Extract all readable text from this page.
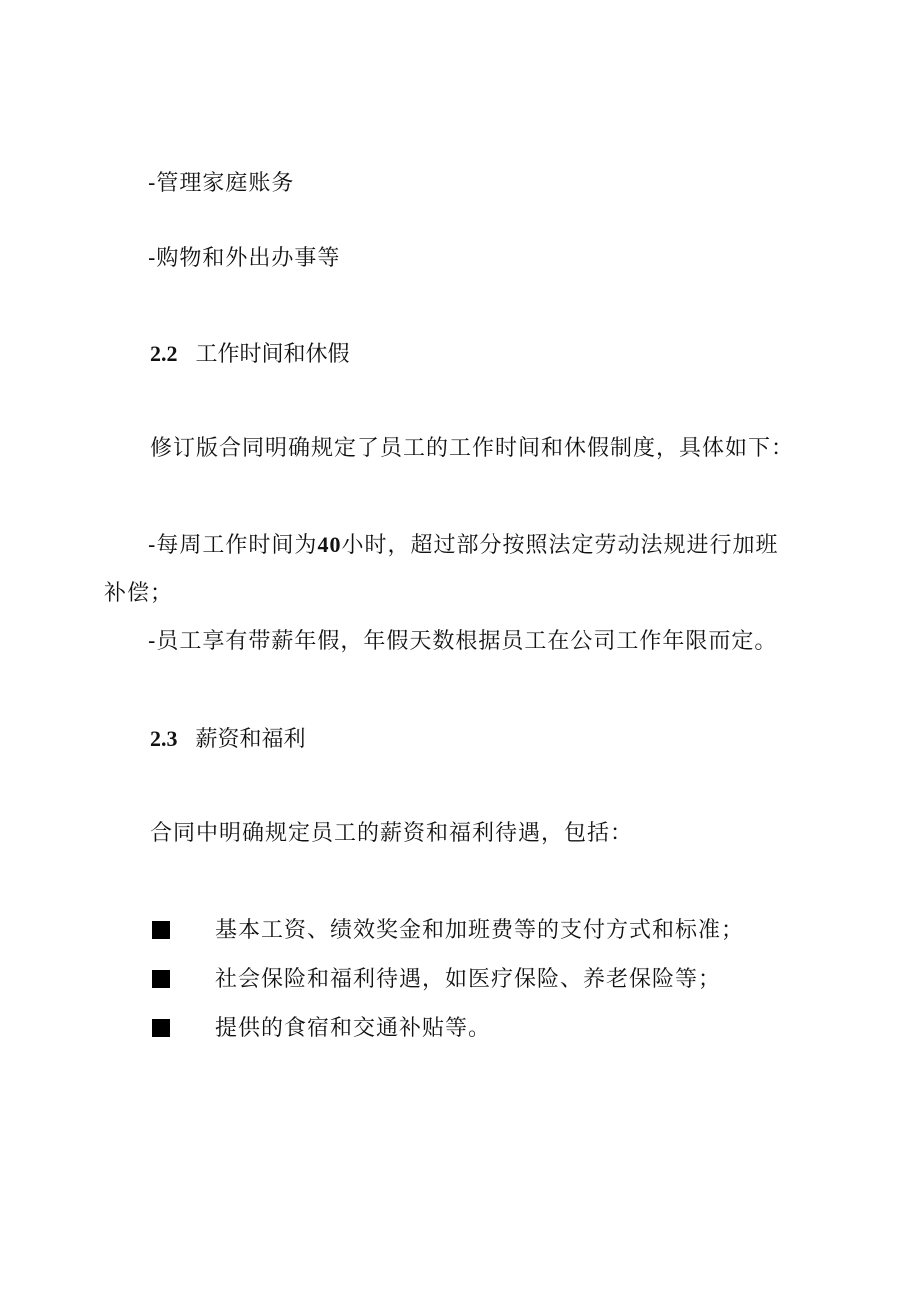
-管理家庭账务
-购物和外出办事等
2.2 工作时间和休假
修订版合同明确规定了员工的工作时间和休假制度，具体如下：
-每周工作时间为40小时，超过部分按照法定劳动法规进行加班
补偿；
-员工享有带薪年假，年假天数根据员工在公司工作年限而定。
2.3 薪资和福利
合同中明确规定员工的薪资和福利待遇，包括：
基本工资、绩效奖金和加班费等的支付方式和标准；
社会保险和福利待遇，如医疗保险、养老保险等；
提供的食宿和交通补贴等。
